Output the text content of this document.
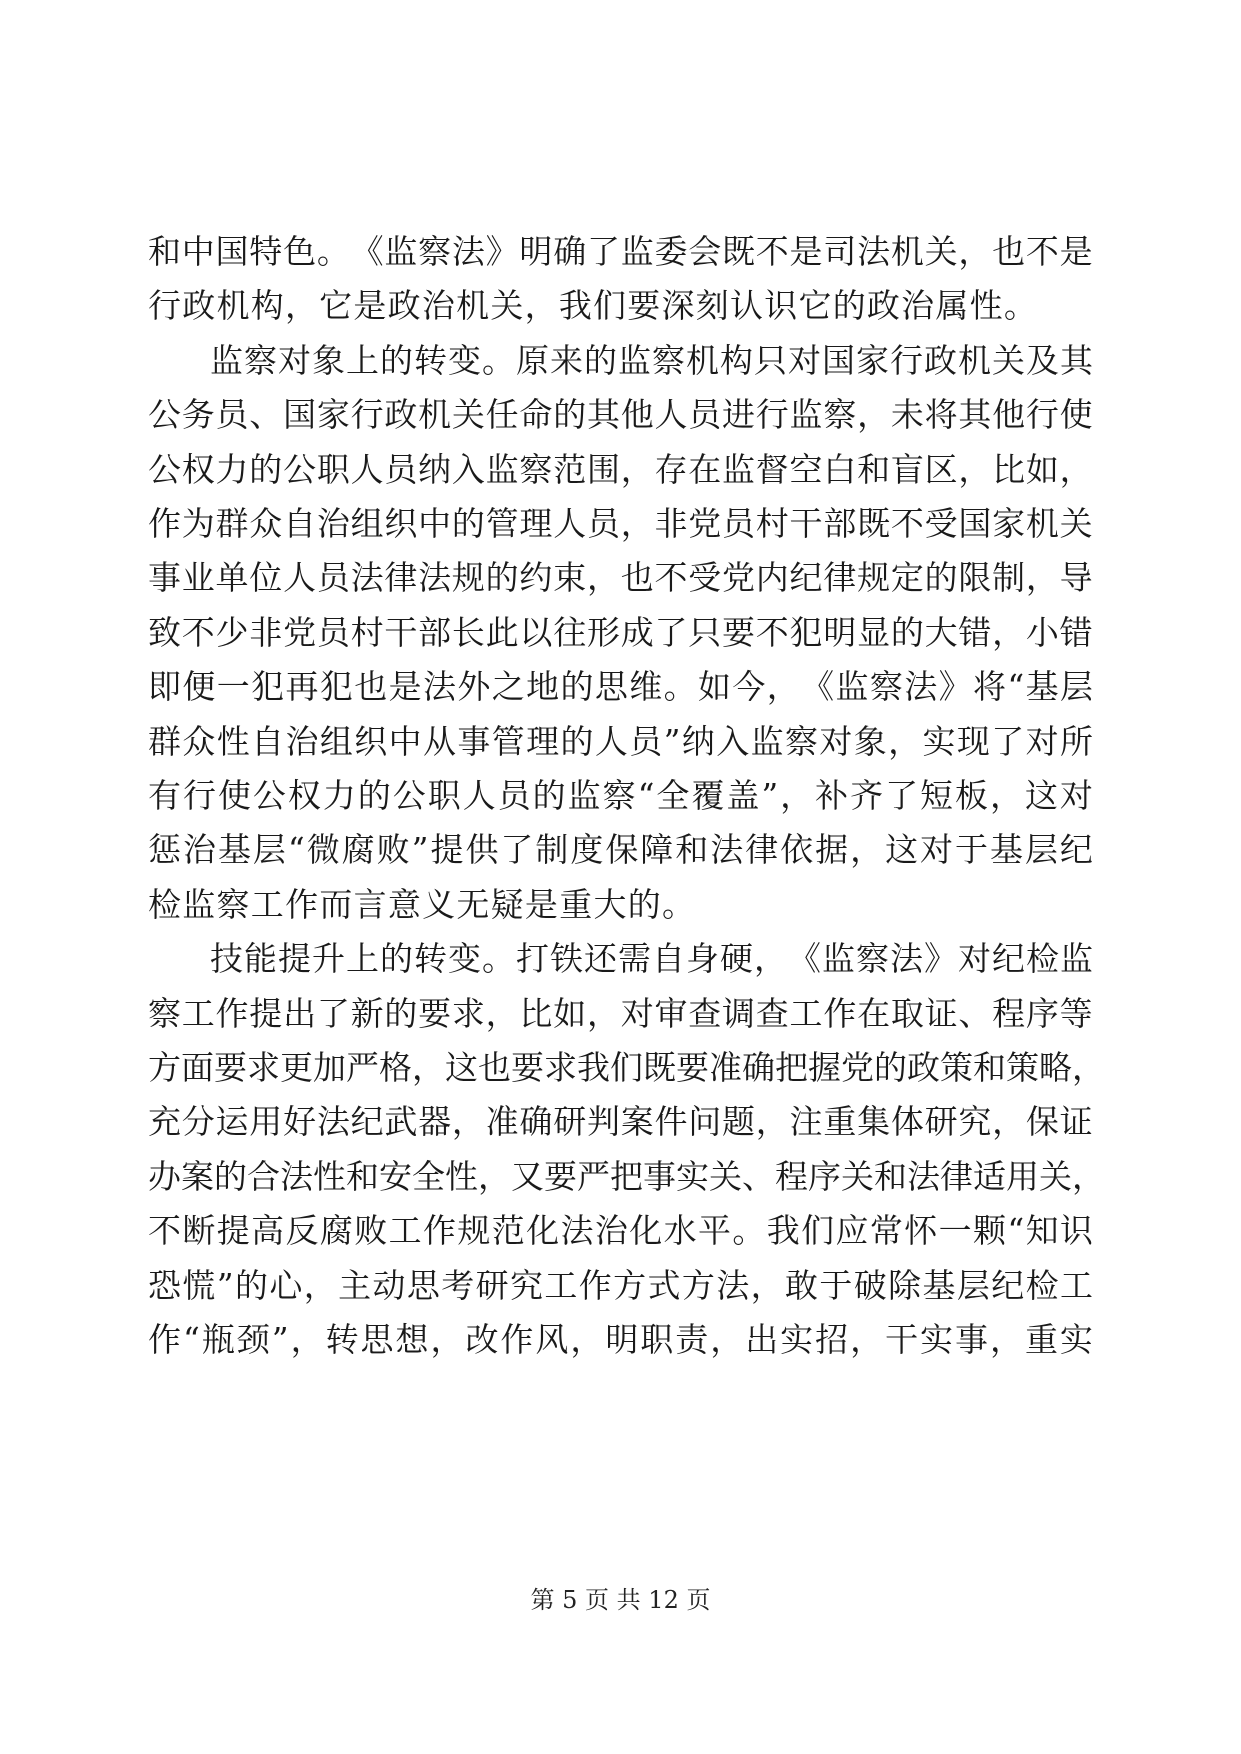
和 中 国 特 色 。 《 监 察 法 》 明 确 了 监 委 会 既 不 是 司 法 机 关 ， 也 不 是
行 政 机 构 ， 它 是 政 治 机 关 ， 我 们 要 深 刻 认 识 它 的 政 治 属 性 。
监 察 对 象 上 的 转 变 。 原 来 的 监 察 机 构 只 对 国 家 行 政 机 关 及 其
公 务 员 、 国 家 行 政 机 关 任 命 的 其 他 人 员 进 行 监 察 ， 未 将 其 他 行 使
公 权 力 的 公 职 人 员 纳 入 监 察 范 围 ， 存 在 监 督 空 白 和 盲 区 ， 比 如 ，
作 为 群 众 自 治 组 织 中 的 管 理 人 员 ， 非 党 员 村 干 部 既 不 受 国 家 机 关
事 业 单 位 人 员 法 律 法 规 的 约 束 ， 也 不 受 党 内 纪 律 规 定 的 限 制 ， 导
致 不 少 非 党 员 村 干 部 长 此 以 往 形 成 了 只 要 不 犯 明 显 的 大 错 ， 小 错
即 便 一 犯 再 犯 也 是 法 外 之 地 的 思 维 。 如 今 ， 《 监 察 法 》 将 “ 基 层
群 众 性 自 治 组 织 中 从 事 管 理 的 人 员 ” 纳 入 监 察 对 象 ， 实 现 了 对 所
有 行 使 公 权 力 的 公 职 人 员 的 监 察 “ 全 覆 盖 ” ， 补 齐 了 短 板 ， 这 对
惩 治 基 层 “ 微 腐 败 ” 提 供 了 制 度 保 障 和 法 律 依 据 ， 这 对 于 基 层 纪
检 监 察 工 作 而 言 意 义 无 疑 是 重 大 的 。
技 能 提 升 上 的 转 变 。 打 铁 还 需 自 身 硬 ， 《 监 察 法 》 对 纪 检 监
察 工 作 提 出 了 新 的 要 求 ， 比 如 ， 对 审 查 调 查 工 作 在 取 证 、 程 序 等
方 面 要 求 更 加 严 格 ， 这 也 要 求 我 们 既 要 准 确 把 握 党 的 政 策 和 策 略 ，
充 分 运 用 好 法 纪 武 器 ， 准 确 研 判 案 件 问 题 ， 注 重 集 体 研 究 ， 保 证
办 案 的 合 法 性 和 安 全 性 ， 又 要 严 把 事 实 关 、 程 序 关 和 法 律 适 用 关 ，
不 断 提 高 反 腐 败 工 作 规 范 化 法 治 化 水 平 。 我 们 应 常 怀 一 颗 “ 知 识
恐 慌 ” 的 心 ， 主 动 思 考 研 究 工 作 方 式 方 法 ， 敢 于 破 除 基 层 纪 检 工
作 “ 瓶 颈 ” ， 转 思 想 ， 改 作 风 ， 明 职 责 ， 出 实 招 ， 干 实 事 ， 重 实
第 5 页 共 12 页
